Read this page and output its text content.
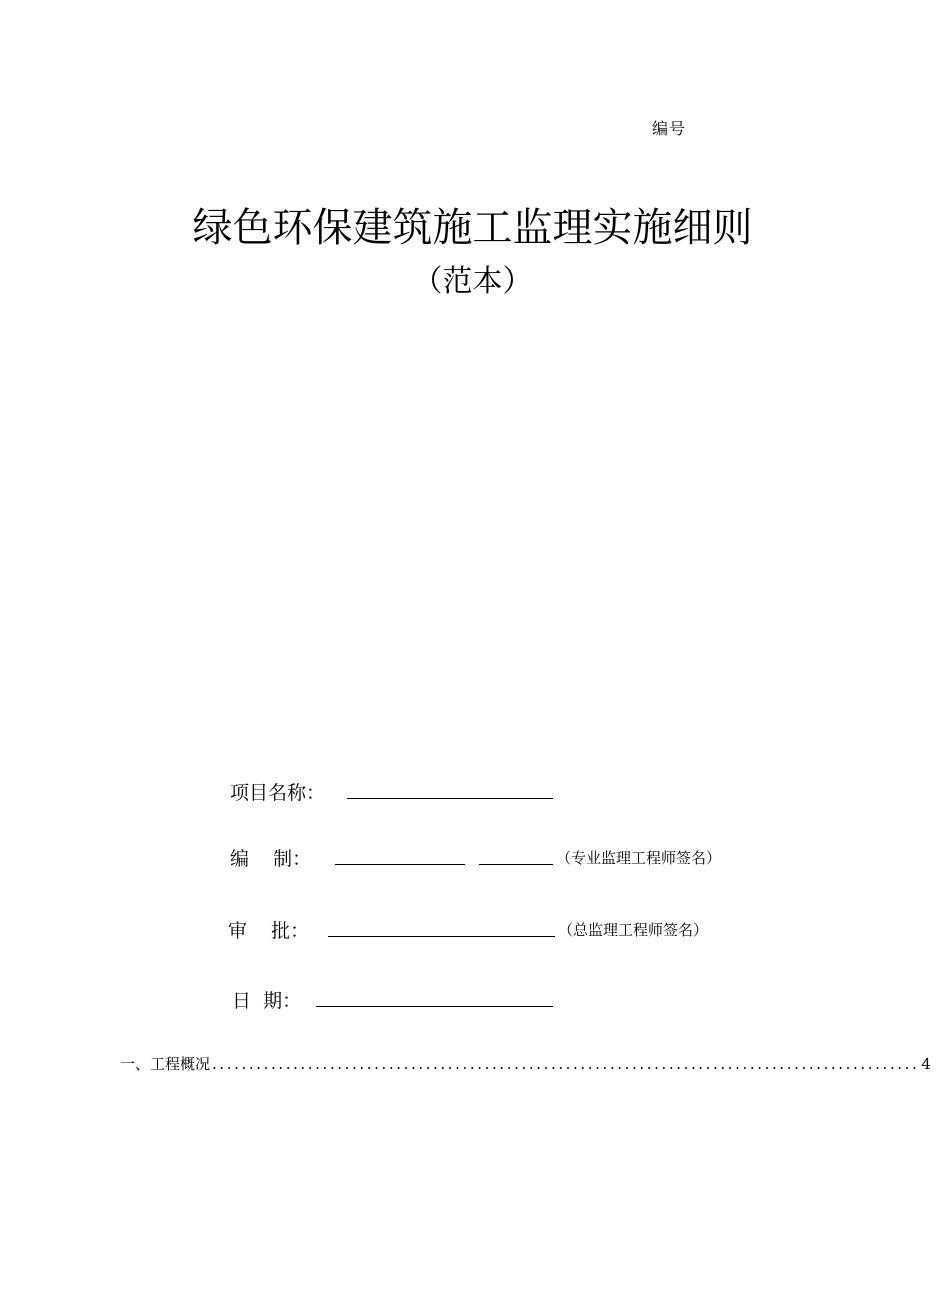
编号
绿色环保建筑施工监理实施细则
（范本）
项目名称：
编    制：	（专业监理工程师签名）
审    批：	（总监理工程师签名）
日  期：
一、工程概况 ................................................................................................ 4
